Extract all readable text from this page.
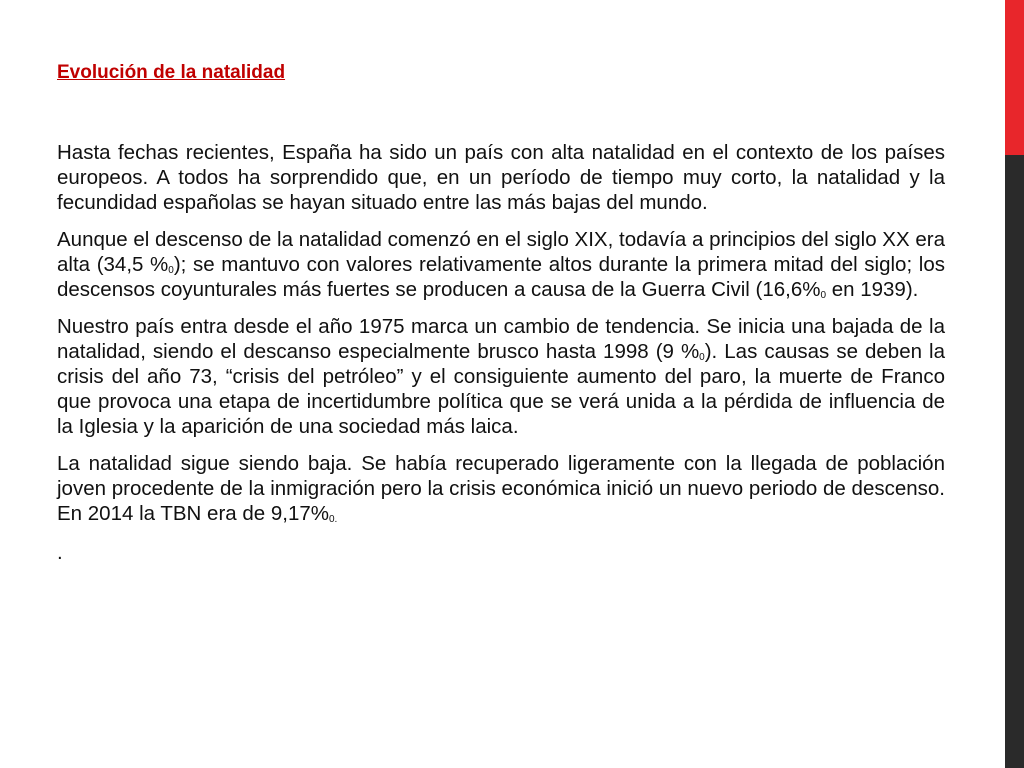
Evolución de la natalidad

Hasta fechas recientes, España ha sido un país con alta natalidad en el contexto de los países europeos. A todos ha sorprendido que, en un período de tiempo muy corto, la natalidad y la fecundidad españolas se hayan situado entre las más bajas del mundo.

Aunque el descenso de la natalidad comenzó en el siglo XIX, todavía a principios del siglo XX era alta (34,5 $\%_0$); se mantuvo con valores relativamente altos durante la primera mitad del siglo; los descensos coyunturales más fuertes se producen a causa de la Guerra Civil ($16,6\%_0$ en 1939).

Nuestro país entra desde el año 1975 marca un cambio de tendencia. Se inicia una bajada de la natalidad, siendo el descanso especialmente brusco hasta 1998 (9 $\%_0$). Las causas se deben la crisis del año 73, “crisis del petróleo” y el consiguiente aumento del paro, la muerte de Franco que provoca una etapa de incertidumbre política que se verá unida a la pérdida de influencia de la Iglesia y la aparición de una sociedad más laica.

La natalidad sigue siendo baja. Se había recuperado ligeramente con la llegada de población joven procedente de la inmigración pero la crisis económica inició un nuevo periodo de descenso. En 2014 la TBN era de $9,17\%_{0.}$

.
